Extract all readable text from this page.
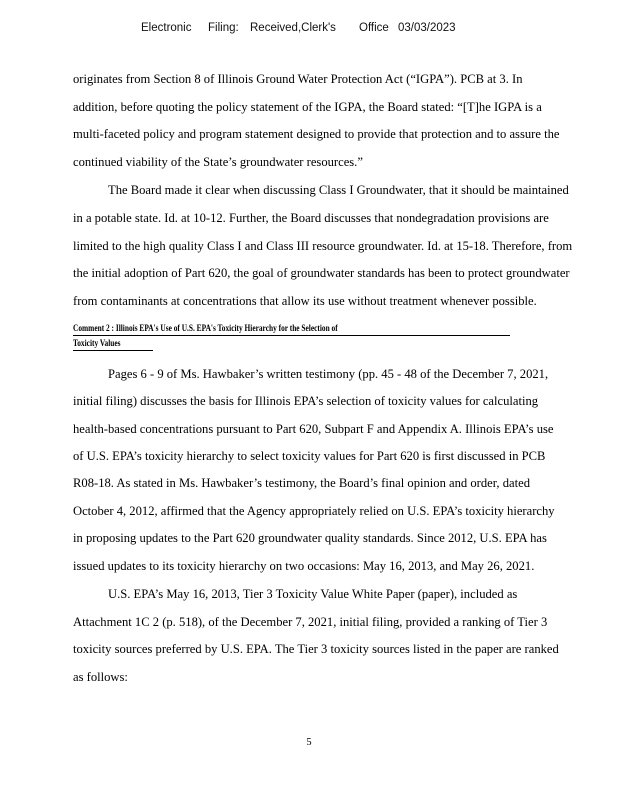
Electronic Filing: Received,Clerk's Office 03/03/2023
originates from Section 8 of Illinois Ground Water Protection Act (“IGPA”). PCB at 3. In
addition, before quoting the policy statement of the IGPA, the Board stated: “[T]he IGPA is a
multi-faceted policy and program statement designed to provide that protection and to assure the
continued viability of the State’s groundwater resources.”
The Board made it clear when discussing Class I Groundwater, that it should be maintained
in a potable state. Id. at 10-12. Further, the Board discusses that nondegradation provisions are
limited to the high quality Class I and Class III resource groundwater. Id. at 15-18. Therefore, from
the initial adoption of Part 620, the goal of groundwater standards has been to protect groundwater
from contaminants at concentrations that allow its use without treatment whenever possible.
Comment 2 : Illinois EPA's Use of U.S. EPA's Toxicity Hierarchy for the Selection of
Toxicity Values
Pages 6 - 9 of Ms. Hawbaker’s written testimony (pp. 45 - 48 of the December 7, 2021,
initial filing) discusses the basis for Illinois EPA’s selection of toxicity values for calculating
health-based concentrations pursuant to Part 620, Subpart F and Appendix A. Illinois EPA’s use
of U.S. EPA’s toxicity hierarchy to select toxicity values for Part 620 is first discussed in PCB
R08-18. As stated in Ms. Hawbaker’s testimony, the Board’s final opinion and order, dated
October 4, 2012, affirmed that the Agency appropriately relied on U.S. EPA’s toxicity hierarchy
in proposing updates to the Part 620 groundwater quality standards. Since 2012, U.S. EPA has
issued updates to its toxicity hierarchy on two occasions: May 16, 2013, and May 26, 2021.
U.S. EPA’s May 16, 2013, Tier 3 Toxicity Value White Paper (paper), included as
Attachment 1C 2 (p. 518), of the December 7, 2021, initial filing, provided a ranking of Tier 3
toxicity sources preferred by U.S. EPA. The Tier 3 toxicity sources listed in the paper are ranked
as follows:
5
